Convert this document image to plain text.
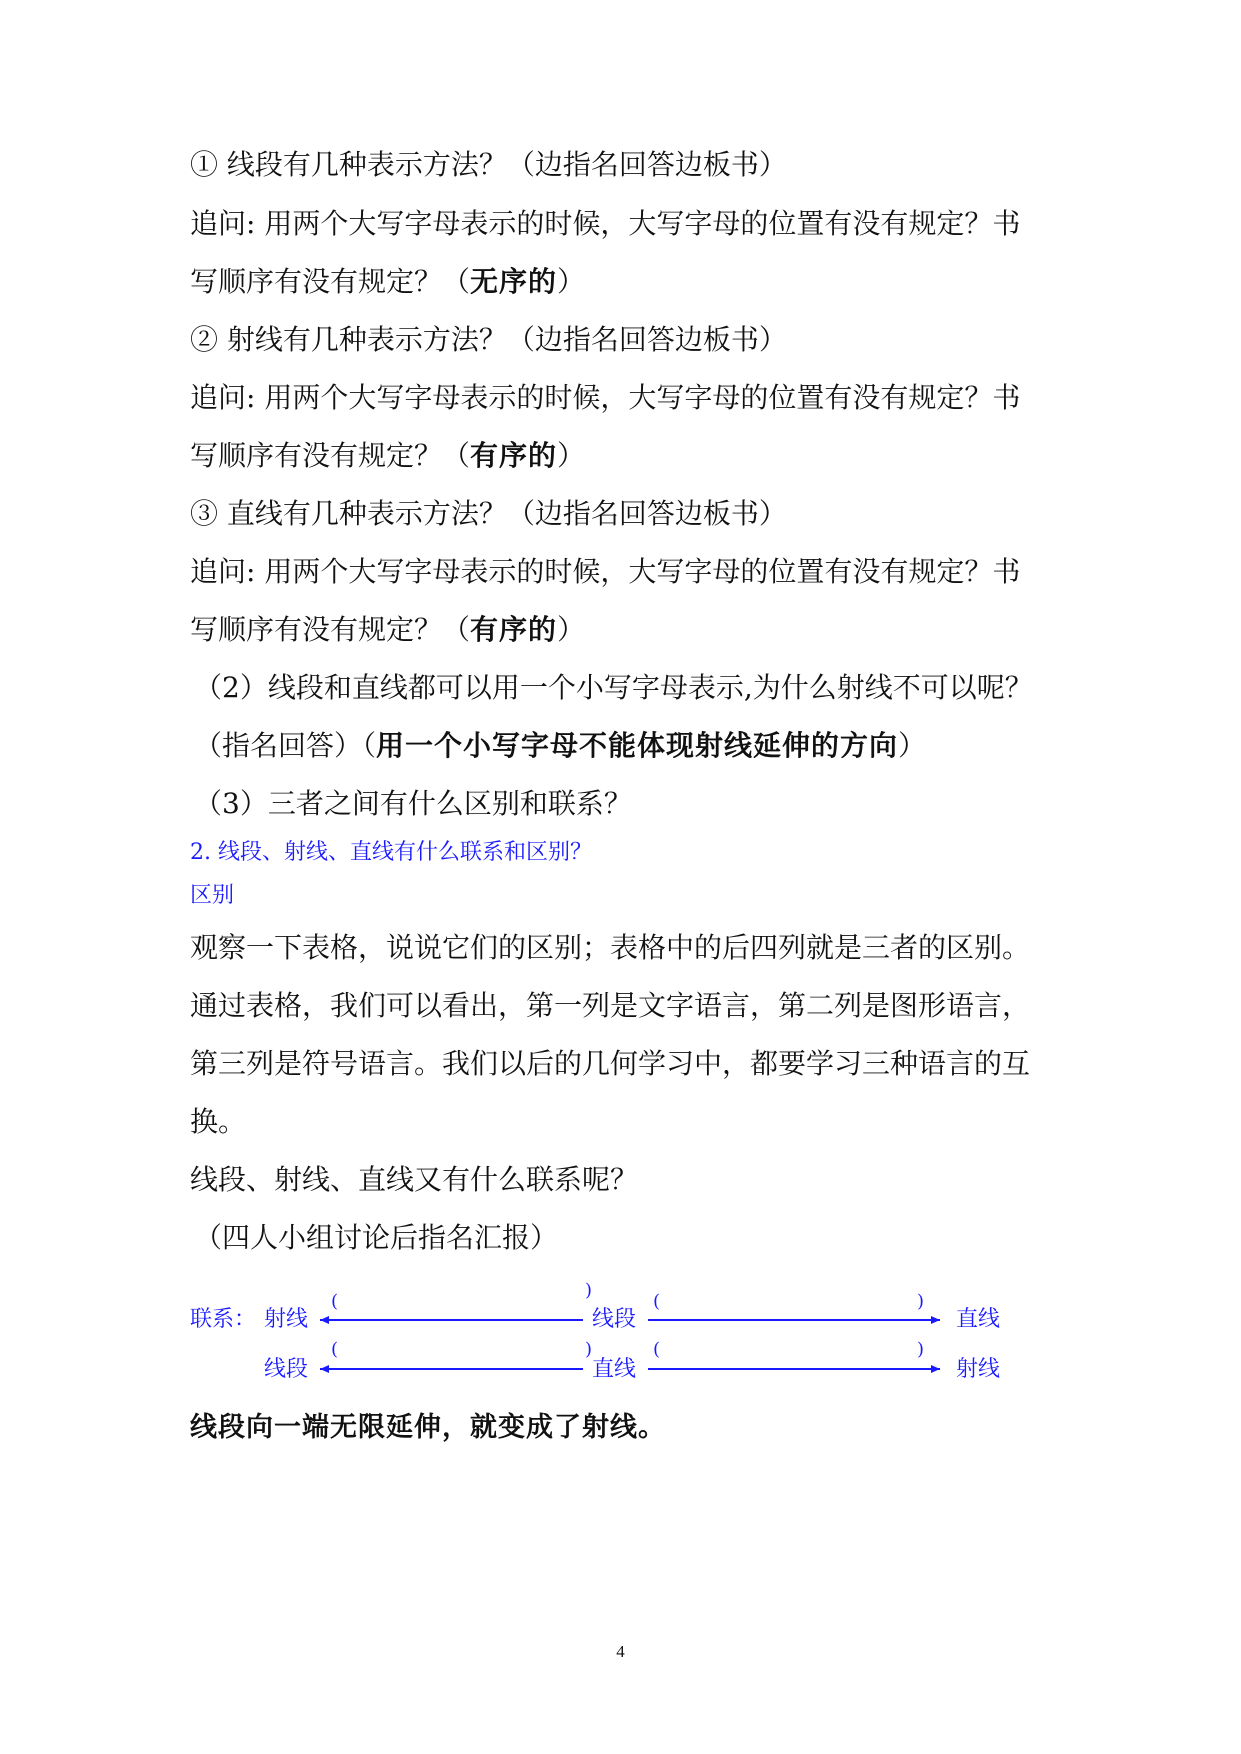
① 线段有几种表示方法？（边指名回答边板书）
追问: 用两个大写字母表示的时候，大写字母的位置有没有规定？书
写顺序有没有规定？（无序的）
② 射线有几种表示方法？（边指名回答边板书）
追问: 用两个大写字母表示的时候，大写字母的位置有没有规定？书
写顺序有没有规定？（有序的）
③ 直线有几种表示方法？（边指名回答边板书）
追问: 用两个大写字母表示的时候，大写字母的位置有没有规定？书
写顺序有没有规定？（有序的）
（2）线段和直线都可以用一个小写字母表示,为什么射线不可以呢？
（指名回答）（用一个小写字母不能体现射线延伸的方向）
（3）三者之间有什么区别和联系？
2. 线段、射线、直线有什么联系和区别？
区别
观察一下表格，说说它们的区别；表格中的后四列就是三者的区别。
通过表格，我们可以看出，第一列是文字语言，第二列是图形语言，
第三列是符号语言。我们以后的几何学习中，都要学习三种语言的互
换。
线段、射线、直线又有什么联系呢？
（四人小组讨论后指名汇报）
联系： 射线	线段	直线
线段	直线	射线
(
)
(	)
(	)	(	)
线段向一端无限延伸，就变成了射线。
4
